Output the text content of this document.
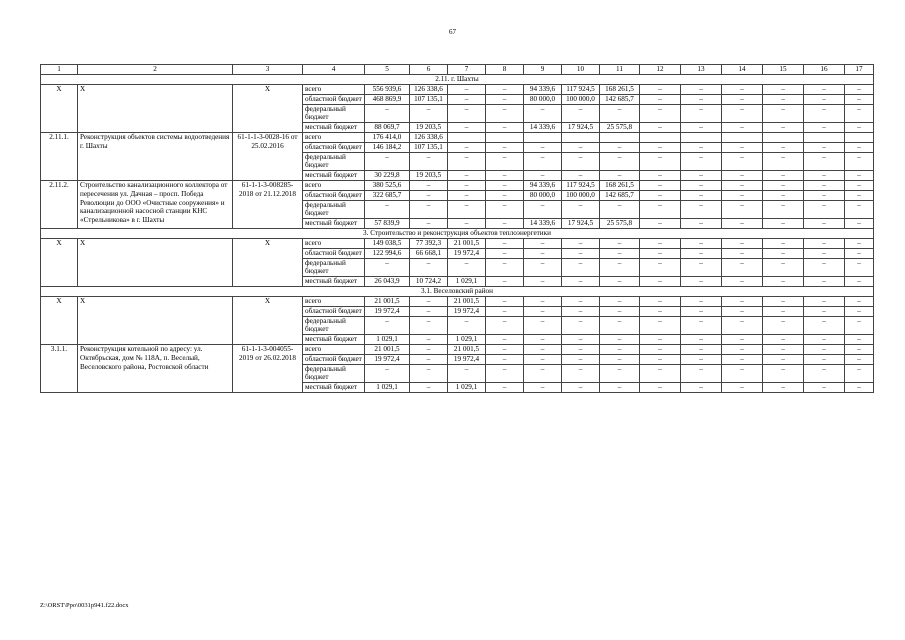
67
1	2	3	4	5	6	7	8	9	10	11	12	13	14	15	16	17
2.11. г. Шахты																
Х	Х	Х	всего	556 939,6	126 338,6	–	–	94 339,6	117 924,5	168 261,5	–	–	–	–	–	–
			областной бюджет	468 869,9	107 135,1	–	–	80 000,0	100 000,0	142 685,7	–	–	–	–	–	–
			федеральный бюджет	–	–	–	–	–	–	–	–	–	–	–	–	–
			местный бюджет	88 069,7	19 203,5	–	–	14 339,6	17 924,5	25 575,8	–	–	–	–	–	–
2.11.1.	Реконструкция объектов системы водоотведения г. Шахты	61-1-1-3-0028-16 от 25.02.2016	всего	176 414,0	126 338,6											
			областной бюджет	146 184,2	107 135,1	–	–	–	–	–	–	–	–	–	–	–
			федеральный бюджет	–	–	–	–	–	–	–	–	–	–	–	–	–
			местный бюджет	30 229,8	19 203,5	–	–	–	–	–	–	–	–	–	–	–
2.11.2.	Строительство канализационного коллектора от пересечения ул. Дачная – просп. Победа Революции до ООО «Очистные сооружения» и канализационной насосной станции КНС «Стрельникова» в г. Шахты	61-1-1-3-008285-2018 от 21.12.2018	всего	380 525,6	–	–	–	94 339,6	117 924,5	168 261,5	–	–	–	–	–	–
			областной бюджет	322 685,7	–	–	–	80 000,0	100 000,0	142 685,7	–	–	–	–	–	–
			федеральный бюджет	–	–	–	–	–	–	–	–	–	–	–	–	–
			местный бюджет	57 839,9	–	–	–	14 339,6	17 924,5	25 575,8	–	–	–	–	–	–
3. Строительство и реконструкция объектов теплоэнергетики																
Х	Х	Х	всего	149 038,5	77 392,3	21 001,5	–	–	–	–	–	–	–	–	–	–
			областной бюджет	122 994,6	66 668,1	19 972,4	–	–	–	–	–	–	–	–	–	–
			федеральный бюджет	–	–	–	–	–	–	–	–	–	–	–	–	–
			местный бюджет	26 043,9	10 724,2	1 029,1	–	–	–	–	–	–	–	–	–	–
3.1. Веселовский район																
Х	Х	Х	всего	21 001,5	–	21 001,5	–	–	–	–	–	–	–	–	–	–
			областной бюджет	19 972,4	–	19 972,4	–	–	–	–	–	–	–	–	–	–
			федеральный бюджет	–	–	–	–	–	–	–	–	–	–	–	–	–
			местный бюджет	1 029,1	–	1 029,1	–	–	–	–	–	–	–	–	–	–
3.1.1.	Реконструкция котельной по адресу: ул. Октябрьская, дом № 118А, п. Веселый, Веселовского района, Ростовской области	61-1-1-3-004055-2019 от 26.02.2018	всего	21 001,5	–	21 001,5	–	–	–	–	–	–	–	–	–	–
			областной бюджет	19 972,4	–	19 972,4	–	–	–	–	–	–	–	–	–	–
			федеральный бюджет	–	–	–	–	–	–	–	–	–	–	–	–	–
			местный бюджет	1 029,1	–	1 029,1	–	–	–	–	–	–	–	–	–	–
Z:\ORST\Ppo\0031p941.f22.docx
